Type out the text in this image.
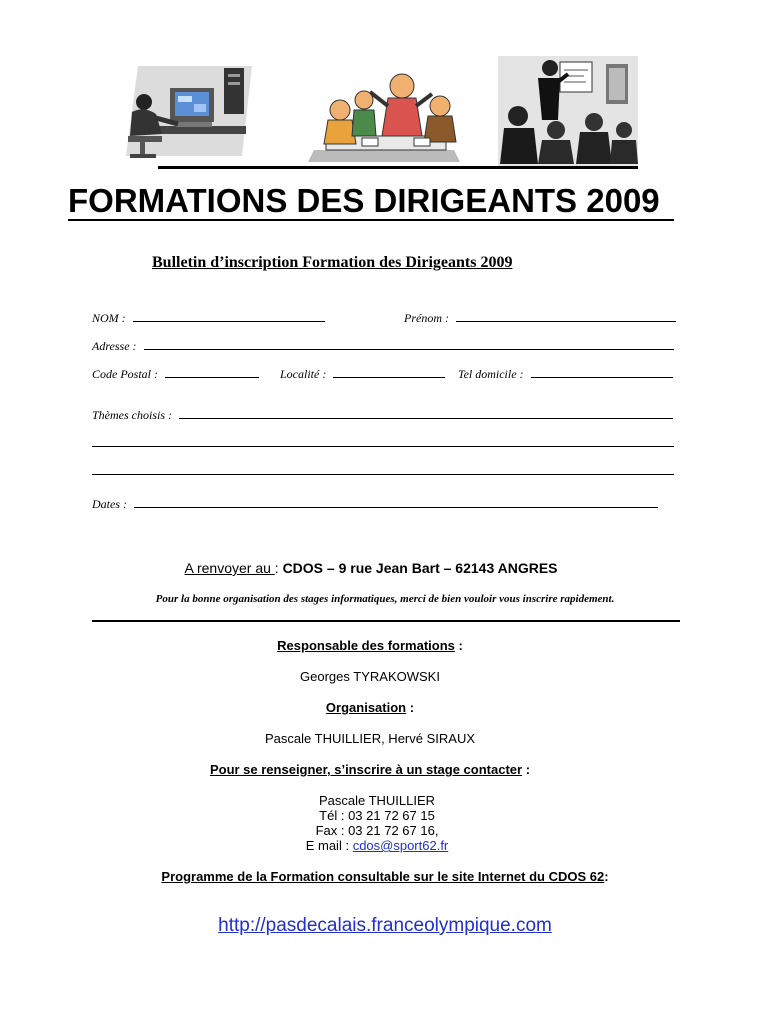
FORMATIONS DES DIRIGEANTS 2009
Bulletin d’inscription Formation des Dirigeants 2009
NOM :	Prénom :
Adresse :
Code Postal :	Localité :	Tel domicile :
Thèmes choisis :
Dates :
A renvoyer au : CDOS – 9 rue Jean Bart – 62143 ANGRES
Pour la bonne organisation des stages informatiques, merci de bien vouloir vous inscrire rapidement.
Responsable des formations :
Georges TYRAKOWSKI
Organisation :
Pascale THUILLIER, Hervé SIRAUX
Pour se renseigner, s’inscrire à un stage contacter :
Pascale THUILLIER
Tél : 03 21 72 67 15
Fax : 03 21 72 67 16,
E mail : cdos@sport62.fr
Programme de la Formation consultable sur le site Internet du CDOS 62:
http://pasdecalais.franceolympique.com
